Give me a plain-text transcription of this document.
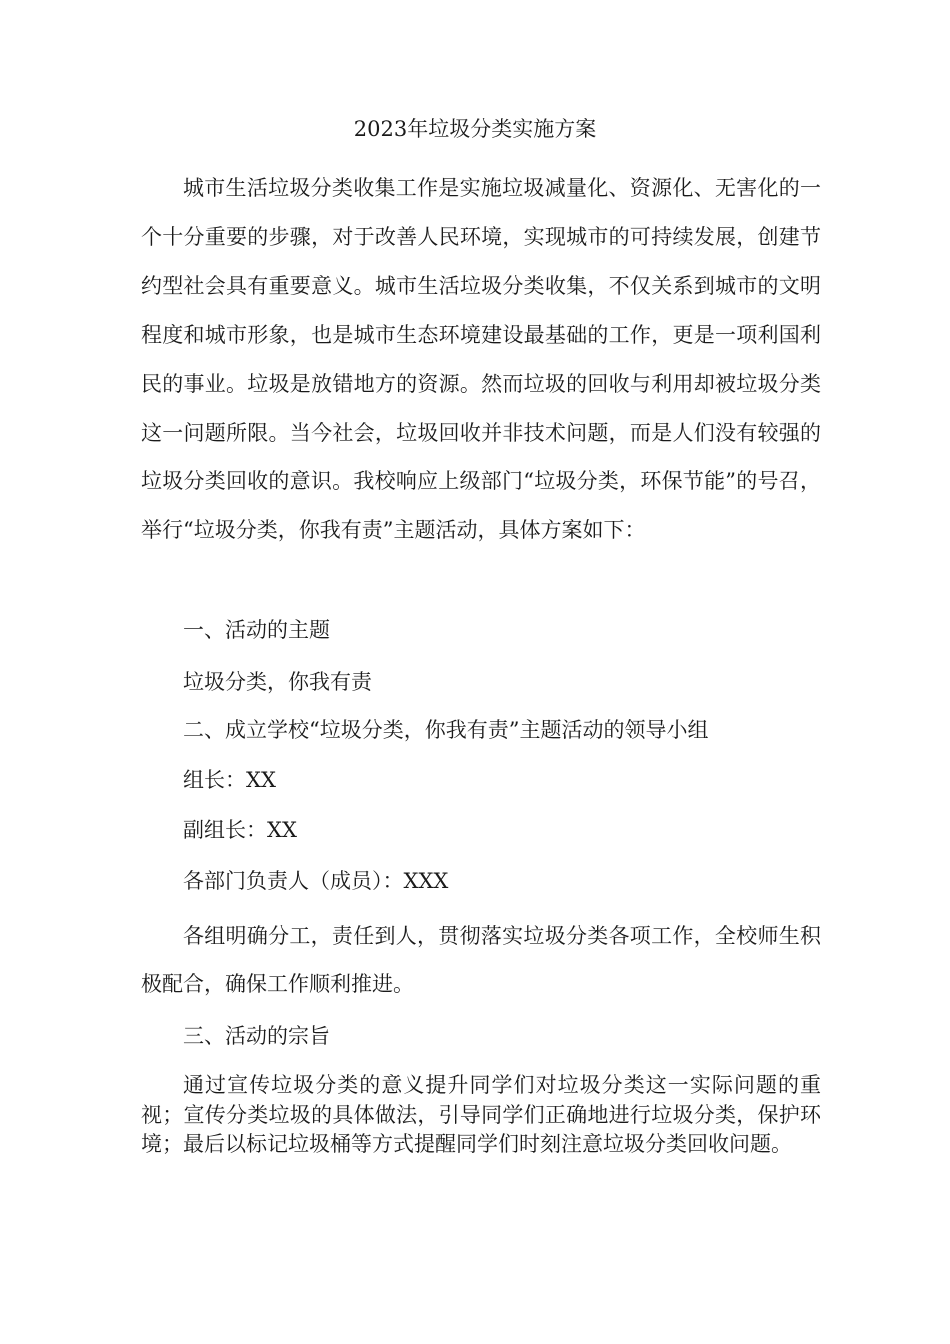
2023年垃圾分类实施方案

城市生活垃圾分类收集工作是实施垃圾减量化、资源化、无害化的一个十分重要的步骤，对于改善人民环境，实现城市的可持续发展，创建节约型社会具有重要意义。城市生活垃圾分类收集，不仅关系到城市的文明程度和城市形象，也是城市生态环境建设最基础的工作，更是一项利国利民的事业。垃圾是放错地方的资源。然而垃圾的回收与利用却被垃圾分类这一问题所限。当今社会，垃圾回收并非技术问题，而是人们没有较强的垃圾分类回收的意识。我校响应上级部门“垃圾分类，环保节能”的号召，举行“垃圾分类，你我有责”主题活动，具体方案如下：

一、活动的主题

垃圾分类，你我有责

二、成立学校“垃圾分类，你我有责”主题活动的领导小组

组长：XX

副组长：XX

各部门负责人（成员）：XXX

各组明确分工，责任到人，贯彻落实垃圾分类各项工作，全校师生积极配合，确保工作顺利推进。

三、活动的宗旨

通过宣传垃圾分类的意义提升同学们对垃圾分类这一实际问题的重视；宣传分类垃圾的具体做法，引导同学们正确地进行垃圾分类，保护环境；最后以标记垃圾桶等方式提醒同学们时刻注意垃圾分类回收问题。
